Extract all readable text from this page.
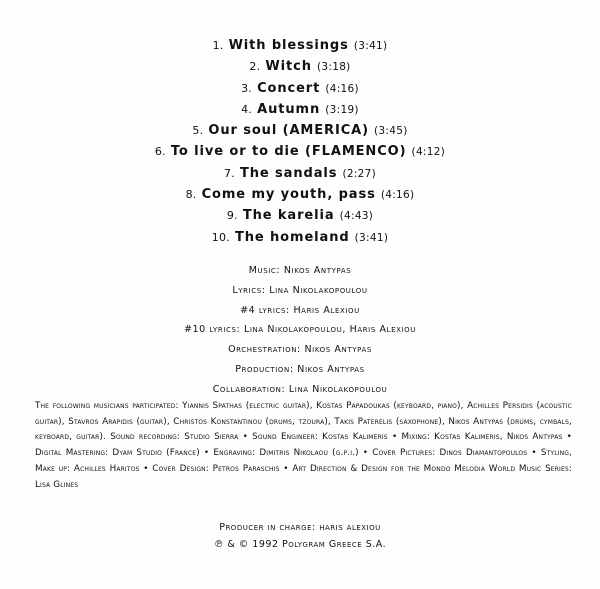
1. With blessings (3:41)
2. Witch (3:18)
3. Concert (4:16)
4. Autumn (3:19)
5. Our soul (AMERICA) (3:45)
6. To live or to die (FLAMENCO) (4:12)
7. The sandals (2:27)
8. Come my youth, pass (4:16)
9. The karelia (4:43)
10. The homeland (3:41)
Music: Nikos Antypas
Lyrics: Lina Nikolakopoulou
#4 lyrics: Haris Alexiou
#10 lyrics: Lina Nikolakopoulou, Haris Alexiou
Orchestration: Nikos Antypas
Production: Nikos Antypas
Collaboration: Lina Nikolakopoulou
The following musicians participated: Yiannis Spathas (electric guitar), Kostas Papadoukas (keyboard, piano), Achilles Persidis (acoustic guitar), Stavros Arapidis (guitar), Christos Konstantinou (drums, tzoura), Takis Paterelis (saxophone), Nikos Antypas (drums, cymbals, keyboard, guitar). Sound recording: Studio Sierra • Sound Engineer: Kostas Kalimeris • Mixing: Kostas Kalimeris, Nikos Antypas • Digital Mastering: Dyam Studio (France) • Engraving: Dimitris Nikolaou (g.p.i.) • Cover Pictures: Dinos Diamantopoulos • Styling, Make up: Achilles Haritos • Cover Design: Petros Paraschis • Art Direction & Design for the Mondo Melodia World Music Series: Lisa Glines
Producer in charge: haris alexiou
℗ & © 1992 Polygram Greece S.A.
